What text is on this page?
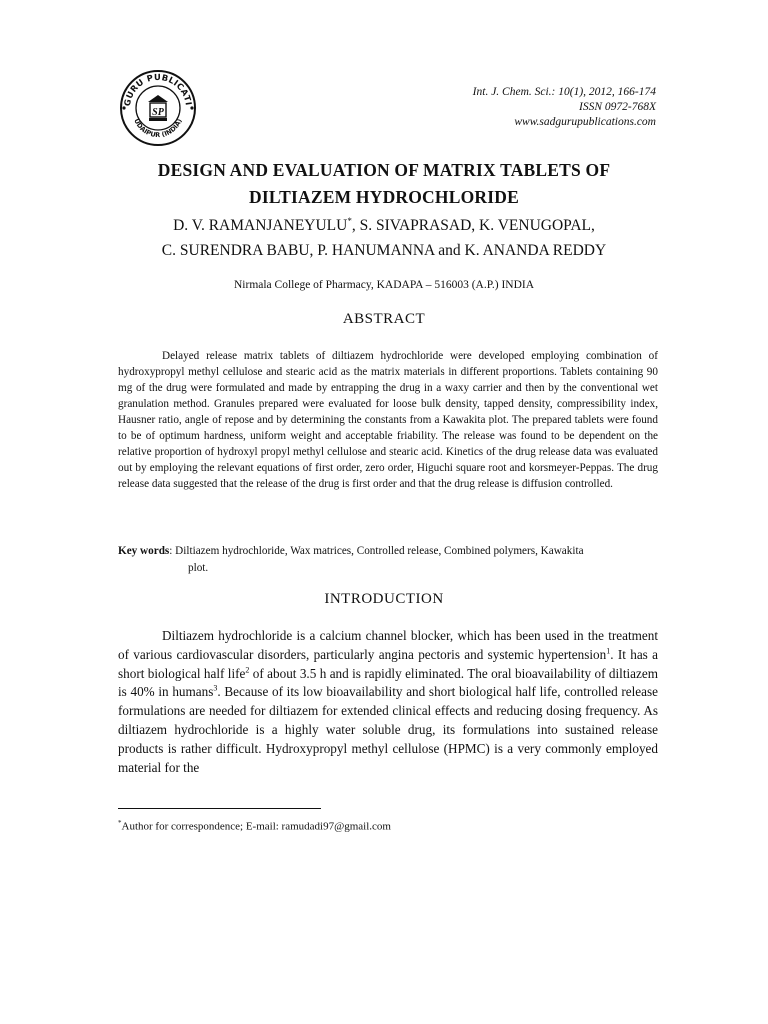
GURU PUBLICATI
UDAIPUR (INDIA)
SP
Int. J. Chem. Sci.: 10(1), 2012, 166-174
ISSN 0972-768X
www.sadgurupublications.com
DESIGN AND EVALUATION OF MATRIX TABLETS OF
DILTIAZEM HYDROCHLORIDE
D. V. RAMANJANEYULU*, S. SIVAPRASAD, K. VENUGOPAL,
C. SURENDRA BABU, P. HANUMANNA and K. ANANDA REDDY
Nirmala College of Pharmacy, KADAPA – 516003 (A.P.) INDIA
ABSTRACT

Delayed release matrix tablets of diltiazem hydrochloride were developed employing combination of hydroxypropyl methyl cellulose and stearic acid as the matrix materials in different proportions. Tablets containing 90 mg of the drug were formulated and made by entrapping the drug in a waxy carrier and then by the conventional wet granulation method. Granules prepared were evaluated for loose bulk density, tapped density, compressibility index, Hausner ratio, angle of repose and by determining the constants from a Kawakita plot. The prepared tablets were found to be of optimum hardness, uniform weight and acceptable friability. The release was found to be dependent on the relative proportion of hydroxyl propyl methyl cellulose and stearic acid. Kinetics of the drug release data was evaluated out by employing the relevant equations of first order, zero order, Higuchi square root and korsmeyer-Peppas. The drug release data suggested that the release of the drug is first order and that the drug release is diffusion controlled.

Key words: Diltiazem hydrochloride, Wax matrices, Controlled release, Combined polymers, Kawakita
plot.
INTRODUCTION

Diltiazem hydrochloride is a calcium channel blocker, which has been used in the treatment of various cardiovascular disorders, particularly angina pectoris and systemic hypertension$^1$. It has a short biological half life$^2$ of about 3.5 h and is rapidly eliminated. The oral bioavailability of diltiazem is 40% in humans$^3$. Because of its low bioavailability and short biological half life, controlled release formulations are needed for diltiazem for extended clinical effects and reducing dosing frequency. As diltiazem hydrochloride is a highly water soluble drug, its formulations into sustained release products is rather difficult. Hydroxypropyl methyl cellulose (HPMC) is a very commonly employed material for the

*Author for correspondence; E-mail: ramudadi97@gmail.com
